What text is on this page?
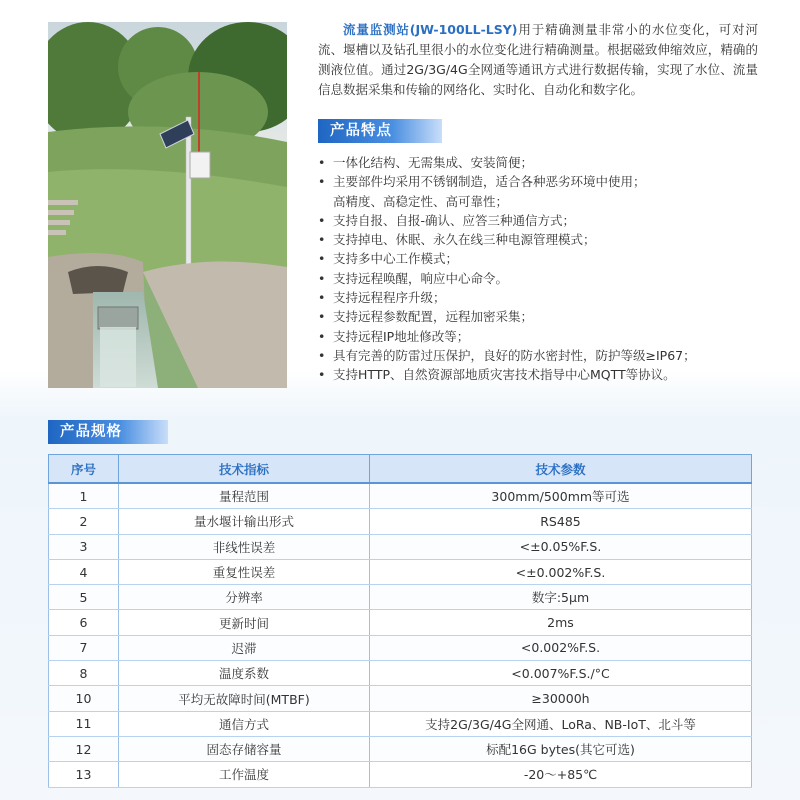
流量监测站(JW-100LL-LSY)用于精确测量非常小的水位变化，可对河流、堰槽以及钻孔里很小的水位变化进行精确测量。根据磁致伸缩效应，精确的测液位值。通过2G/3G/4G全网通等通讯方式进行数据传输，实现了水位、流量信息数据采集和传输的网络化、实时化、自动化和数字化。

产品特点
• 一体化结构、无需集成、安装简便；
• 主要部件均采用不锈钢制造，适合各种恶劣环境中使用；
高精度、高稳定性、高可靠性；
• 支持自报、自报-确认、应答三种通信方式；
• 支持掉电、休眠、永久在线三种电源管理模式；
• 支持多中心工作模式；
• 支持远程唤醒，响应中心命令。
• 支持远程程序升级；
• 支持远程参数配置，远程加密采集；
• 支持远程IP地址修改等；
• 具有完善的防雷过压保护，良好的防水密封性，防护等级≥IP67；
• 支持HTTP、自然资源部地质灾害技术指导中心MQTT等协议。
产品规格
序号	技术指标	技术参数
1	量程范围	300mm/500mm等可选
2	量水堰计输出形式	RS485
3	非线性误差	<±0.05%F.S.
4	重复性误差	<±0.002%F.S.
5	分辨率	数字:5μm
6	更新时间	2ms
7	迟滞	<0.002%F.S.
8	温度系数	<0.007%F.S./°C
10	平均无故障时间(MTBF)	≥30000h
11	通信方式	支持2G/3G/4G全网通、LoRa、NB-IoT、北斗等
12	固态存储容量	标配16G bytes(其它可选)
13	工作温度	-20～+85℃
